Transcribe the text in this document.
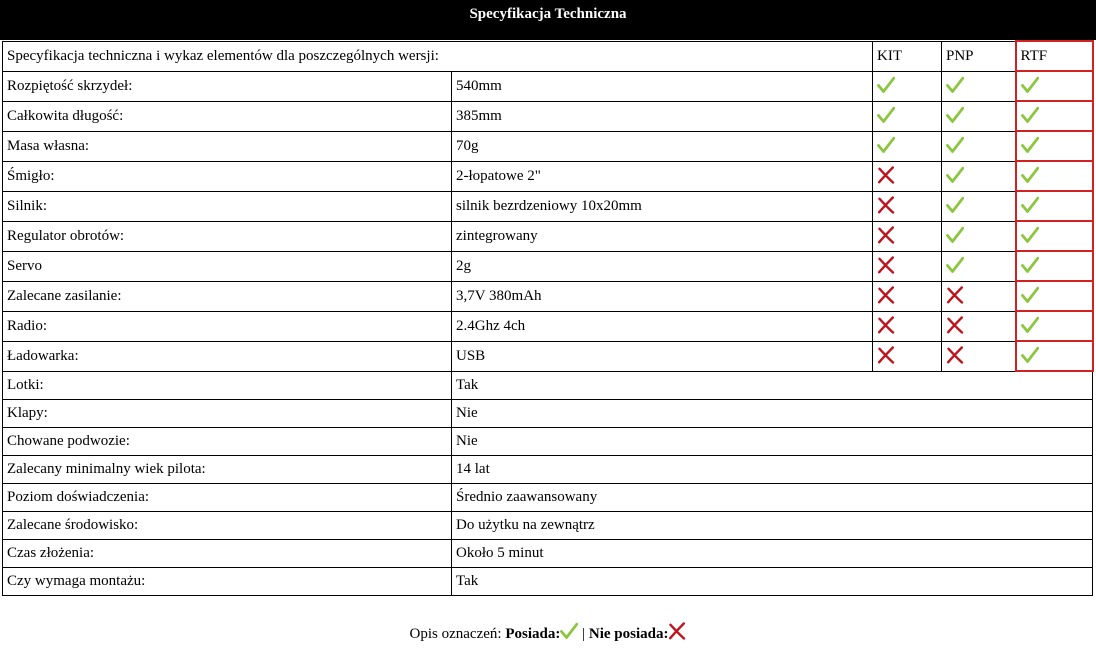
Specyfikacja Techniczna
Specyfikacja techniczna i wykaz elementów dla poszczególnych wersji:		KIT	PNP	RTF
Rozpiętość skrzydeł:	540mm			
Całkowita długość:	385mm			
Masa własna:	70g			
Śmigło:	2-łopatowe 2"			
Silnik:	silnik bezrdzeniowy 10x20mm			
Regulator obrotów:	zintegrowany			
Servo	2g			
Zalecane zasilanie:	3,7V 380mAh			
Radio:	2.4Ghz 4ch			
Ładowarka:	USB			
Lotki:	Tak			
Klapy:	Nie			
Chowane podwozie:	Nie			
Zalecany minimalny wiek pilota:	14 lat			
Poziom doświadczenia:	Średnio zaawansowany			
Zalecane środowisko:	Do użytku na zewnątrz			
Czas złożenia:	Około 5 minut			
Czy wymaga montażu:	Tak			
Opis oznaczeń: Posiada: | Nie posiada:
